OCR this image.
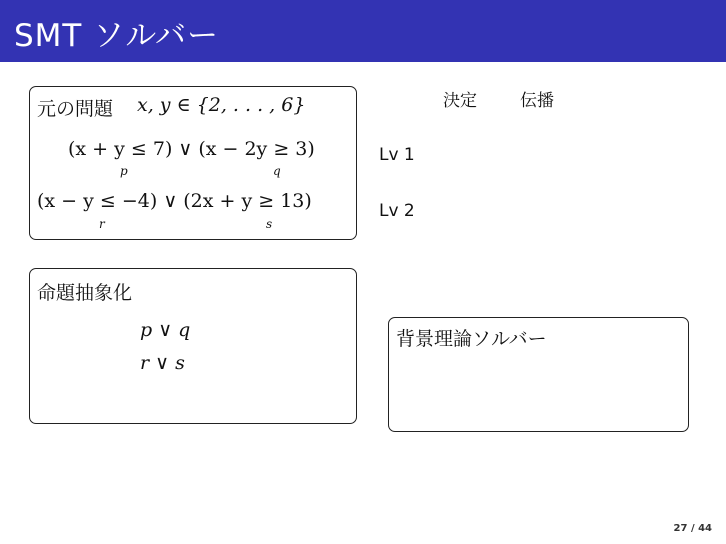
SMT ソルバー
元の問題 x, y ∈ {2, . . . , 6}
(x + y ≤ 7) ∨ (x − 2y ≥ 3)
p	q
(x − y ≤ −4) ∨ (2x + y ≥ 13)
r	s
決定	伝播
Lv 1
Lv 2
命題抽象化
p ∨ q
r ∨ s
背景理論ソルバー
27 / 44
